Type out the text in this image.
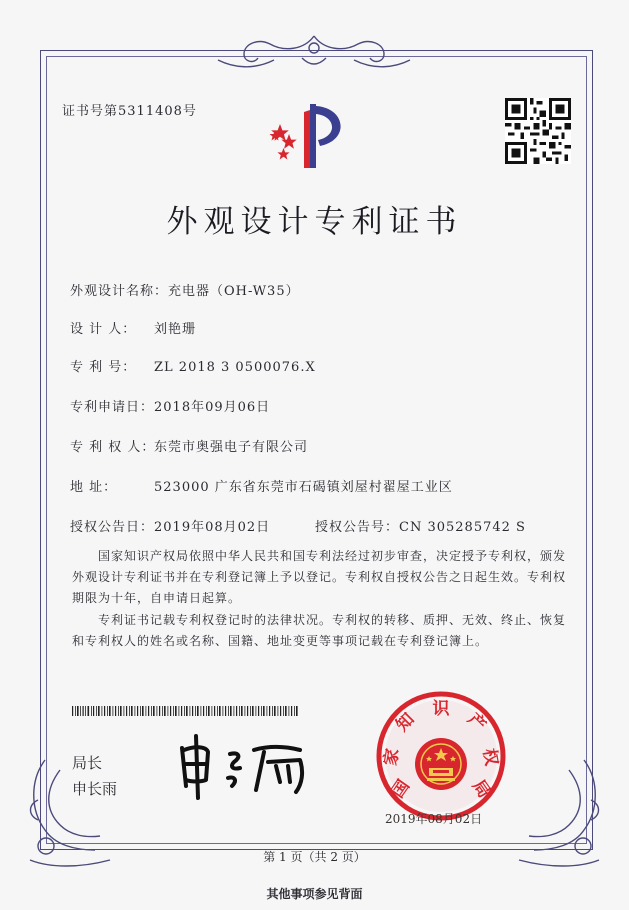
证书号第5311408号
外观设计专利证书
外观设计名称：充电器（OH-W35）
设 计 人： 刘艳珊
专 利 号： ZL 2018 3 0500076.X
专利申请日：2018年09月06日
专 利 权 人：东莞市奥强电子有限公司
地 址：	523000 广东省东莞市石碣镇刘屋村翟屋工业区
授权公告日：2019年08月02日	授权公告号：CN 305285742 S
国家知识产权局依照中华人民共和国专利法经过初步审查，决定授予专利权，颁发外观设计专利证书并在专利登记簿上予以登记。专利权自授权公告之日起生效。专利权期限为十年，自申请日起算。
专利证书记载专利权登记时的法律状况。专利权的转移、质押、无效、终止、恢复和专利权人的姓名或名称、国籍、地址变更等事项记载在专利登记簿上。
局长
申长雨	国
家
知
识
产
权
局
2019年08月02日
第 1 页（共 2 页）
其他事项参见背面
